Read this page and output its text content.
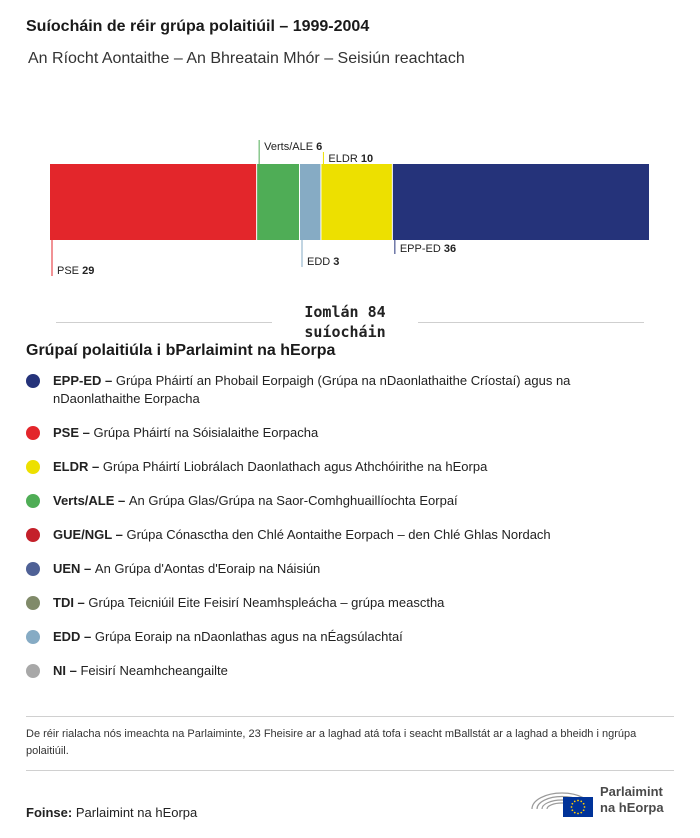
Suíocháin de réir grúpa polaitiúil – 1999-2004
An Ríocht Aontaithe – An Bhreatain Mhór – Seisiún reachtach
PSE 29
Verts/ALE 6
EDD 3
ELDR 10
EPP-ED 36
Iomlán 84 suíocháin
Grúpaí polaitiúla i bParlaimint na hEorpa
EPP-ED – Grúpa Pháirtí an Phobail Eorpaigh (Grúpa na nDaonlathaithe Críostaí) agus na nDaonlathaithe Eorpacha
PSE – Grúpa Pháirtí na Sóisialaithe Eorpacha
ELDR – Grúpa Pháirtí Liobrálach Daonlathach agus Athchóirithe na hEorpa
Verts/ALE – An Grúpa Glas/Grúpa na Saor-Comhghuaillíochta Eorpaí
GUE/NGL – Grúpa Cónasctha den Chlé Aontaithe Eorpach – den Chlé Ghlas Nordach
UEN – An Grúpa d'Aontas d'Eoraip na Náisiún
TDI – Grúpa Teicniúil Eite Feisirí Neamhspleácha – grúpa measctha
EDD – Grúpa Eoraip na nDaonlathas agus na nÉagsúlachtaí
NI – Feisirí Neamhcheangailte
De réir rialacha nós imeachta na Parlaiminte, 23 Fheisire ar a laghad atá tofa i seacht mBallstát ar a laghad a bheidh i ngrúpa polaitiúil.
Foinse: Parlaimint na hEorpa
Parlaimint
na hEorpa
